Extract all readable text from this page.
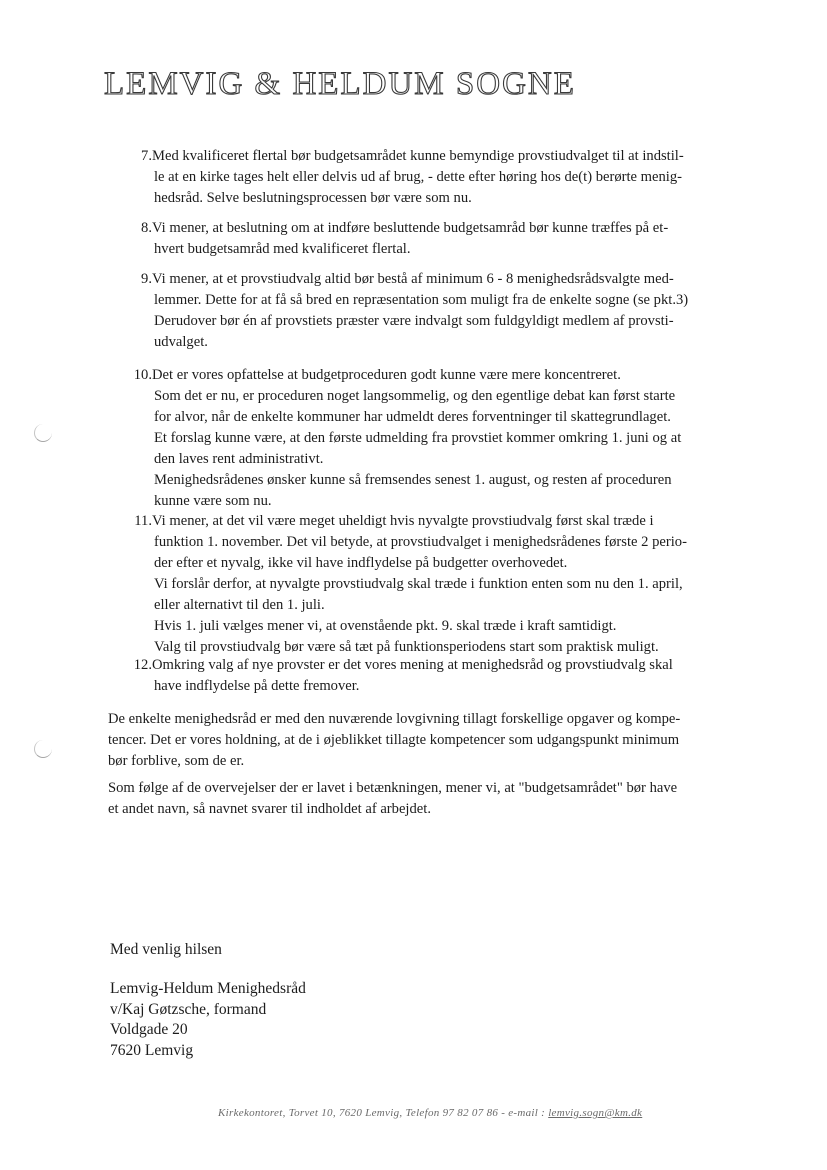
LEMVIG & HELDUM SOGNE
7. Med kvalificeret flertal bør budgetsamrådet kunne bemyndige provstiudvalget til at indstil-
le at en kirke tages helt eller delvis ud af brug, - dette efter høring hos de(t) berørte menig-
hedsråd. Selve beslutningsprocessen bør være som nu.
8. Vi mener, at beslutning om at indføre besluttende budgetsamråd bør kunne træffes på et-
hvert budgetsamråd med kvalificeret flertal.
9. Vi mener, at et provstiudvalg altid bør bestå af minimum 6 - 8 menighedsrådsvalgte med-
lemmer. Dette for at få så bred en repræsentation som muligt fra de enkelte sogne (se pkt.3)
Derudover bør én af provstiets præster være indvalgt som fuldgyldigt medlem af provsti-
udvalget.
10. Det er vores opfattelse at budgetproceduren godt kunne være mere koncentreret.
Som det er nu, er proceduren noget langsommelig, og den egentlige debat kan først starte
for alvor, når de enkelte kommuner har udmeldt deres forventninger til skattegrundlaget.
Et forslag kunne være, at den første udmelding fra provstiet kommer omkring 1. juni og at
den laves rent administrativt.
Menighedsrådenes ønsker kunne så fremsendes senest 1. august, og resten af proceduren
kunne være som nu.
11. Vi mener, at det vil være meget uheldigt hvis nyvalgte provstiudvalg først skal træde i
funktion 1. november. Det vil betyde, at provstiudvalget i menighedsrådenes første 2 perio-
der efter et nyvalg, ikke vil have indflydelse på budgetter overhovedet.
Vi forslår derfor, at nyvalgte provstiudvalg skal træde i funktion enten som nu den 1. april,
eller alternativt til den 1. juli.
Hvis 1. juli vælges mener vi, at ovenstående pkt. 9. skal træde i kraft samtidigt.
Valg til provstiudvalg bør være så tæt på funktionsperiodens start som praktisk muligt.
12. Omkring valg af nye provster er det vores mening at menighedsråd og provstiudvalg skal
have indflydelse på dette fremover.
De enkelte menighedsråd er med den nuværende lovgivning tillagt forskellige opgaver og kompe-
tencer. Det er vores holdning, at de i øjeblikket tillagte kompetencer som udgangspunkt minimum
bør forblive, som de er.
Som følge af de overvejelser der er lavet i betænkningen, mener vi, at "budgetsamrådet" bør have
et andet navn, så navnet svarer til indholdet af arbejdet.
Med venlig hilsen
Lemvig-Heldum Menighedsråd
v/Kaj Gøtzsche, formand
Voldgade 20
7620 Lemvig
Kirkekontoret, Torvet 10, 7620 Lemvig, Telefon 97 82 07 86 - e-mail : lemvig.sogn@km.dk
